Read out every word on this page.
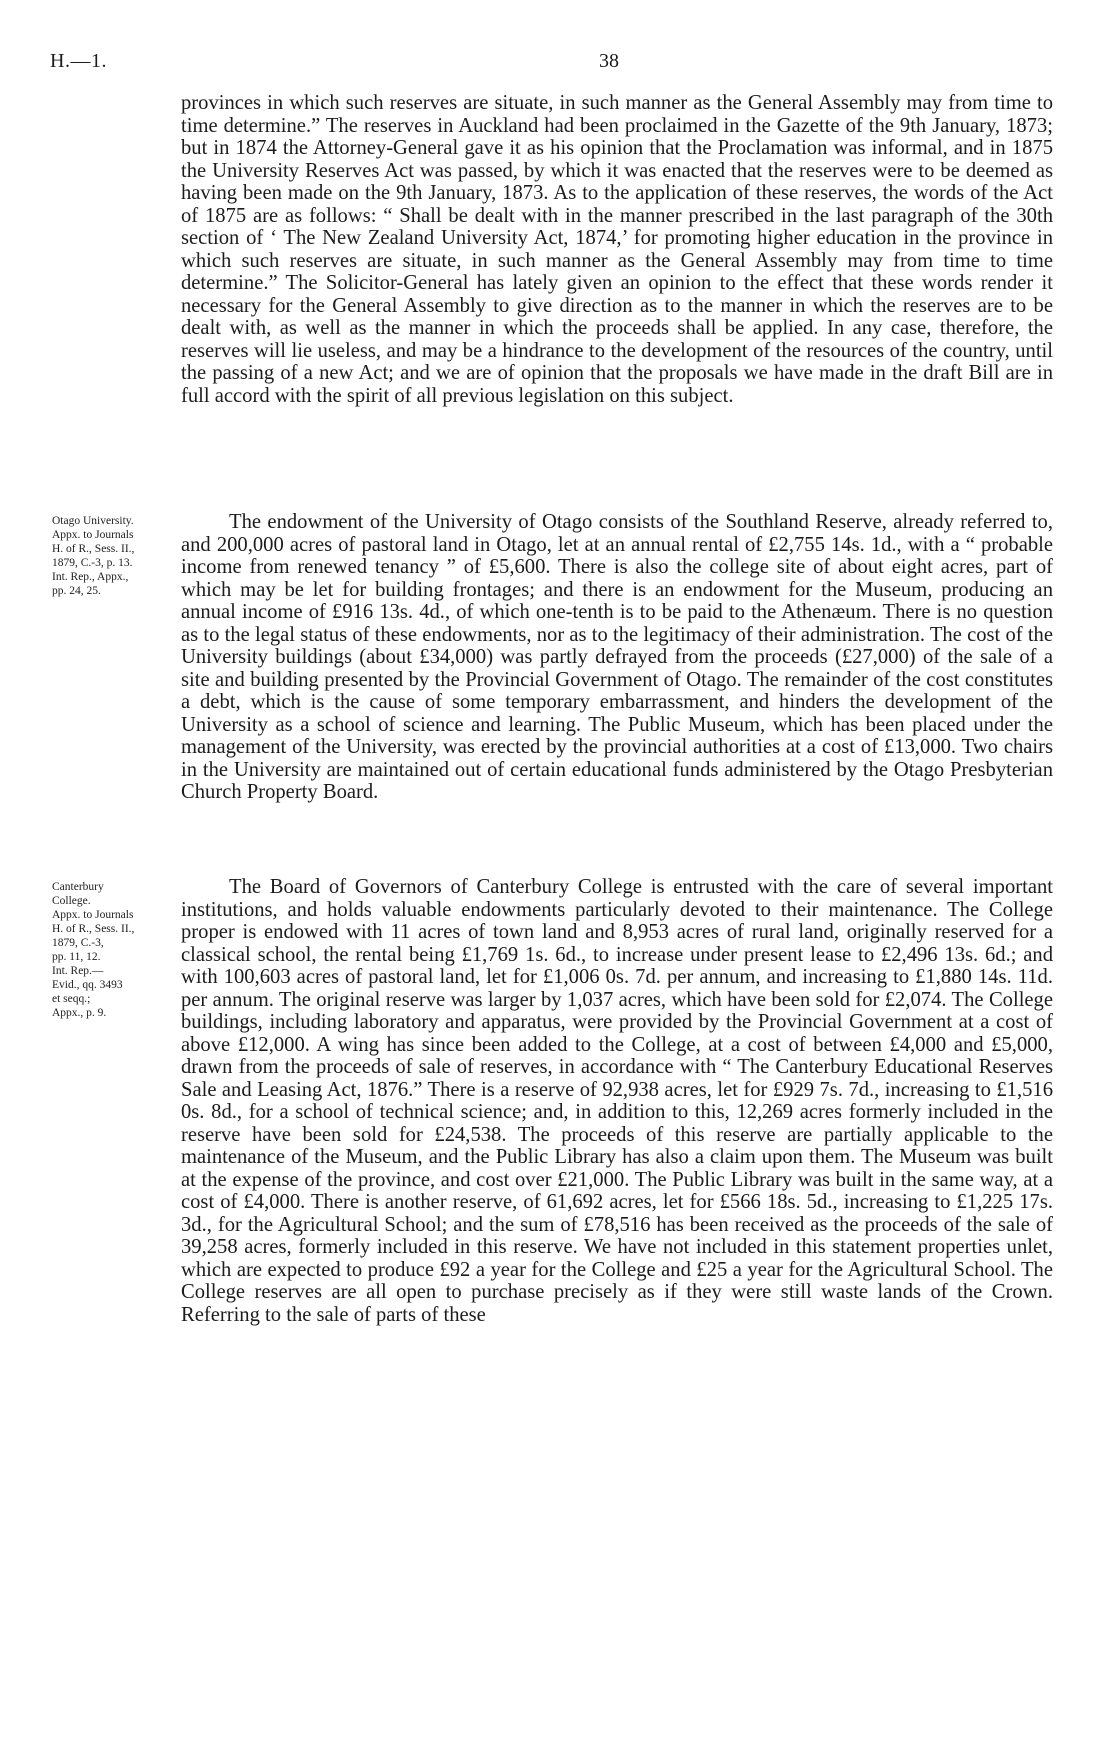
H.—1.	38

provinces in which such reserves are situate, in such manner as the General Assembly may from time to time determine.” The reserves in Auckland had been proclaimed in the Gazette of the 9th January, 1873; but in 1874 the Attorney-General gave it as his opinion that the Proclamation was informal, and in 1875 the University Reserves Act was passed, by which it was enacted that the reserves were to be deemed as having been made on the 9th January, 1873. As to the application of these reserves, the words of the Act of 1875 are as follows: “ Shall be dealt with in the manner prescribed in the last paragraph of the 30th section of ‘ The New Zealand University Act, 1874,’ for promoting higher education in the province in which such reserves are situate, in such manner as the General Assembly may from time to time determine.” The Solicitor-General has lately given an opinion to the effect that these words render it necessary for the General Assembly to give direction as to the manner in which the reserves are to be dealt with, as well as the manner in which the proceeds shall be applied. In any case, therefore, the reserves will lie useless, and may be a hindrance to the development of the resources of the country, until the passing of a new Act; and we are of opinion that the proposals we have made in the draft Bill are in full accord with the spirit of all previous legislation on this subject.

Otago University.
Appx. to Journals
H. of R., Sess. II.,
1879, C.-3, p. 13.
Int. Rep., Appx.,
pp. 24, 25.

The endowment of the University of Otago consists of the Southland Reserve, already referred to, and 200,000 acres of pastoral land in Otago, let at an annual rental of £2,755 14s. 1d., with a “ probable income from renewed tenancy ” of £5,600. There is also the college site of about eight acres, part of which may be let for building frontages; and there is an endowment for the Museum, producing an annual income of £916 13s. 4d., of which one-tenth is to be paid to the Athenæum. There is no question as to the legal status of these endowments, nor as to the legitimacy of their administration. The cost of the University buildings (about £34,000) was partly defrayed from the proceeds (£27,000) of the sale of a site and building presented by the Provincial Government of Otago. The remainder of the cost constitutes a debt, which is the cause of some temporary embarrassment, and hinders the development of the University as a school of science and learning. The Public Museum, which has been placed under the management of the University, was erected by the provincial authorities at a cost of £13,000. Two chairs in the University are maintained out of certain educational funds administered by the Otago Presbyterian Church Property Board.

Canterbury
College.
Appx. to Journals
H. of R., Sess. II.,
1879, C.-3,
pp. 11, 12.
Int. Rep.—
Evid., qq. 3493
et seqq.;
Appx., p. 9.

The Board of Governors of Canterbury College is entrusted with the care of several important institutions, and holds valuable endowments particularly devoted to their maintenance. The College proper is endowed with 11 acres of town land and 8,953 acres of rural land, originally reserved for a classical school, the rental being £1,769 1s. 6d., to increase under present lease to £2,496 13s. 6d.; and with 100,603 acres of pastoral land, let for £1,006 0s. 7d. per annum, and increasing to £1,880 14s. 11d. per annum. The original reserve was larger by 1,037 acres, which have been sold for £2,074. The College buildings, including laboratory and apparatus, were provided by the Provincial Government at a cost of above £12,000. A wing has since been added to the College, at a cost of between £4,000 and £5,000, drawn from the proceeds of sale of reserves, in accordance with “ The Canterbury Educational Reserves Sale and Leasing Act, 1876.” There is a reserve of 92,938 acres, let for £929 7s. 7d., increasing to £1,516 0s. 8d., for a school of technical science; and, in addition to this, 12,269 acres formerly included in the reserve have been sold for £24,538. The proceeds of this reserve are partially applicable to the maintenance of the Museum, and the Public Library has also a claim upon them. The Museum was built at the expense of the province, and cost over £21,000. The Public Library was built in the same way, at a cost of £4,000. There is another reserve, of 61,692 acres, let for £566 18s. 5d., increasing to £1,225 17s. 3d., for the Agricultural School; and the sum of £78,516 has been received as the proceeds of the sale of 39,258 acres, formerly included in this reserve. We have not included in this statement properties unlet, which are expected to produce £92 a year for the College and £25 a year for the Agricultural School. The College reserves are all open to purchase precisely as if they were still waste lands of the Crown. Referring to the sale of parts of these
